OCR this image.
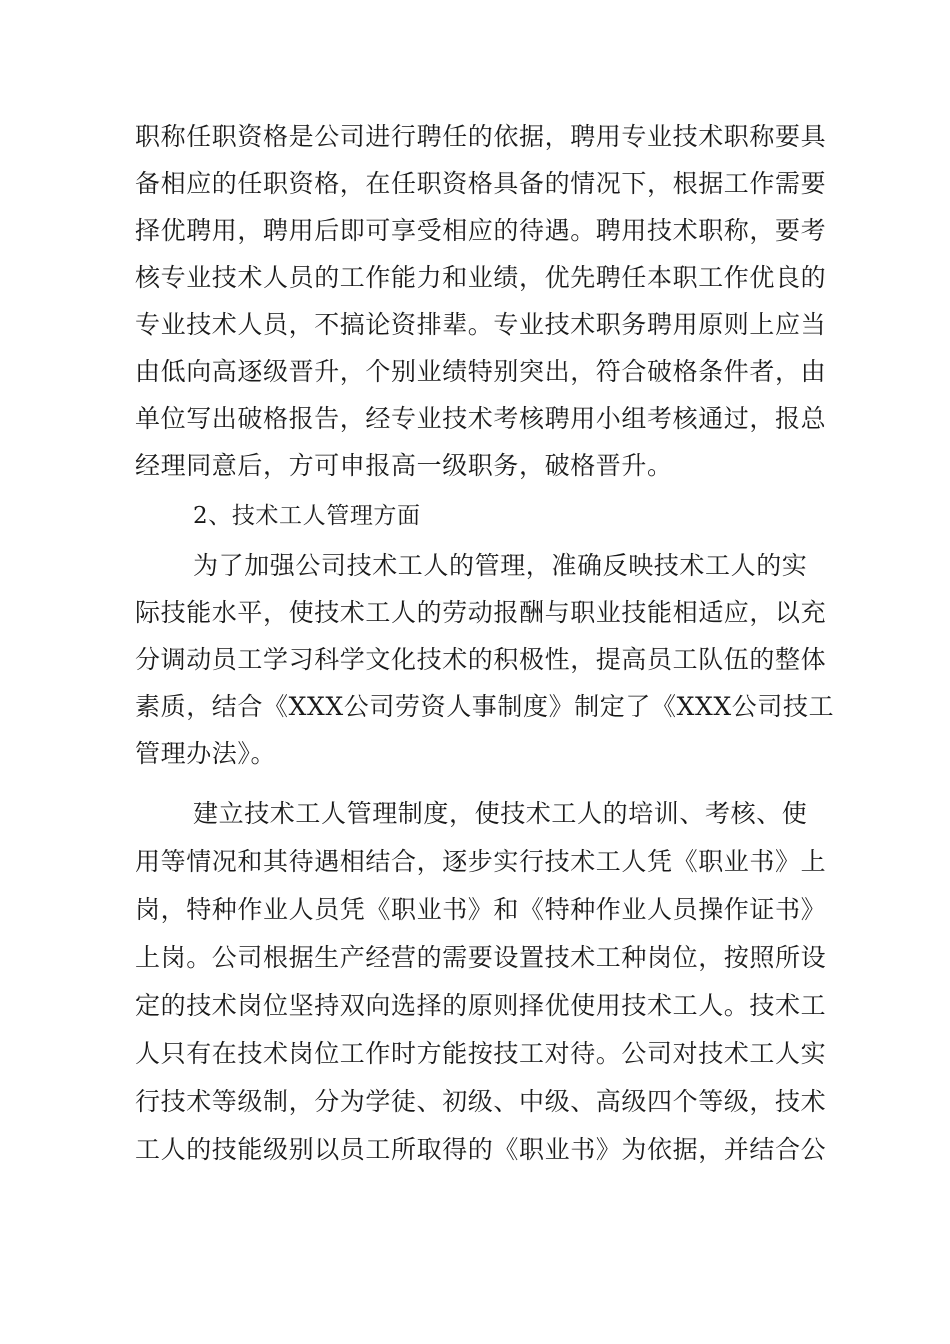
职称任职资格是公司进行聘任的依据，聘用专业技术职称要具
备相应的任职资格，在任职资格具备的情况下，根据工作需要
择优聘用，聘用后即可享受相应的待遇。聘用技术职称，要考
核专业技术人员的工作能力和业绩，优先聘任本职工作优良的
专业技术人员，不搞论资排辈。专业技术职务聘用原则上应当
由低向高逐级晋升，个别业绩特别突出，符合破格条件者，由
单位写出破格报告，经专业技术考核聘用小组考核通过，报总
经理同意后，方可申报高一级职务，破格晋升。
2、技术工人管理方面
为了加强公司技术工人的管理，准确反映技术工人的实
际技能水平，使技术工人的劳动报酬与职业技能相适应，以充
分调动员工学习科学文化技术的积极性，提高员工队伍的整体
素质，结合《XXX公司劳资人事制度》制定了《XXX公司技工
管理办法》。
建立技术工人管理制度，使技术工人的培训、考核、使
用等情况和其待遇相结合，逐步实行技术工人凭《职业书》上
岗，特种作业人员凭《职业书》和《特种作业人员操作证书》
上岗。公司根据生产经营的需要设置技术工种岗位，按照所设
定的技术岗位坚持双向选择的原则择优使用技术工人。技术工
人只有在技术岗位工作时方能按技工对待。公司对技术工人实
行技术等级制，分为学徒、初级、中级、高级四个等级，技术
工人的技能级别以员工所取得的《职业书》为依据，并结合公
